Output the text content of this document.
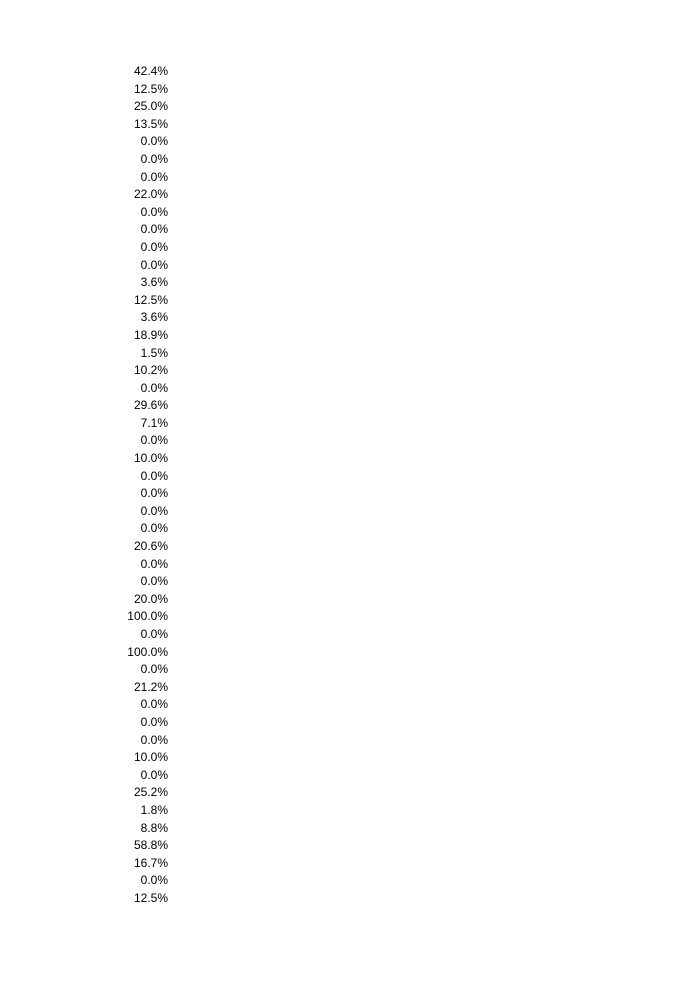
42.4%
12.5%
25.0%
13.5%
0.0%
0.0%
0.0%
22.0%
0.0%
0.0%
0.0%
0.0%
3.6%
12.5%
3.6%
18.9%
1.5%
10.2%
0.0%
29.6%
7.1%
0.0%
10.0%
0.0%
0.0%
0.0%
0.0%
20.6%
0.0%
0.0%
20.0%
100.0%
0.0%
100.0%
0.0%
21.2%
0.0%
0.0%
0.0%
10.0%
0.0%
25.2%
1.8%
8.8%
58.8%
16.7%
0.0%
12.5%
